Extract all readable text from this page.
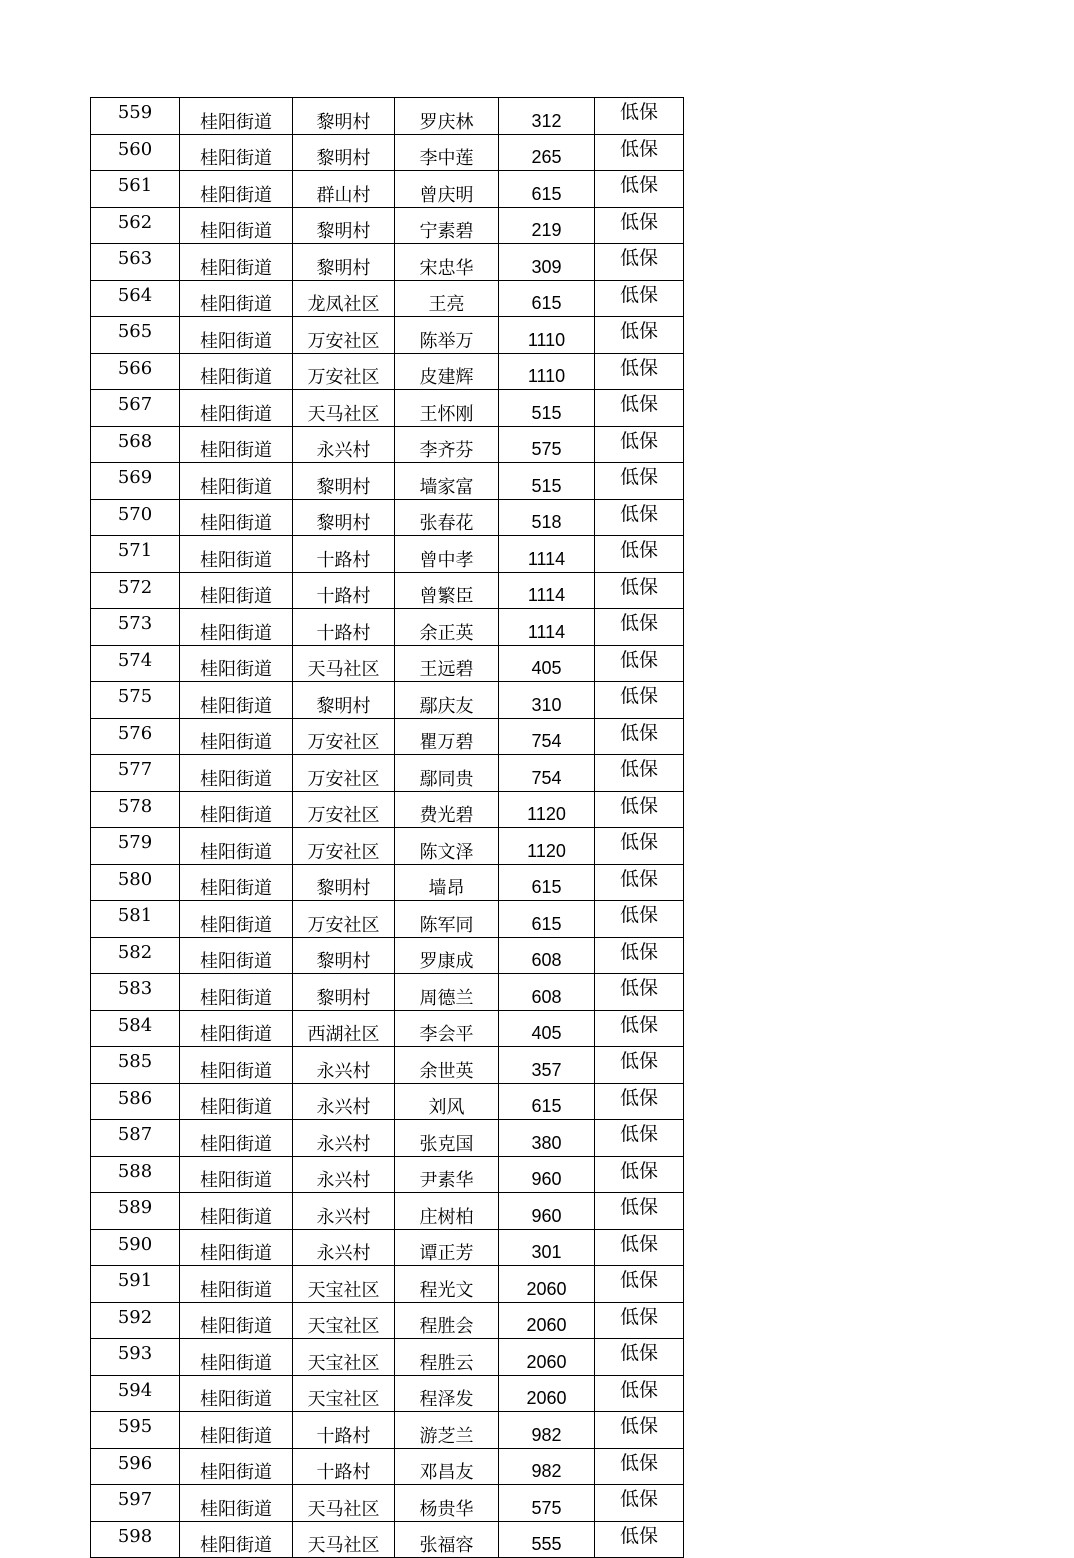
559	桂阳街道	黎明村	罗庆林	312	低保
560	桂阳街道	黎明村	李中莲	265	低保
561	桂阳街道	群山村	曾庆明	615	低保
562	桂阳街道	黎明村	宁素碧	219	低保
563	桂阳街道	黎明村	宋忠华	309	低保
564	桂阳街道	龙凤社区	王亮	615	低保
565	桂阳街道	万安社区	陈举万	1110	低保
566	桂阳街道	万安社区	皮建辉	1110	低保
567	桂阳街道	天马社区	王怀刚	515	低保
568	桂阳街道	永兴村	李齐芬	575	低保
569	桂阳街道	黎明村	墙家富	515	低保
570	桂阳街道	黎明村	张春花	518	低保
571	桂阳街道	十路村	曾中孝	1114	低保
572	桂阳街道	十路村	曾繁臣	1114	低保
573	桂阳街道	十路村	余正英	1114	低保
574	桂阳街道	天马社区	王远碧	405	低保
575	桂阳街道	黎明村	鄢庆友	310	低保
576	桂阳街道	万安社区	瞿万碧	754	低保
577	桂阳街道	万安社区	鄢同贵	754	低保
578	桂阳街道	万安社区	费光碧	1120	低保
579	桂阳街道	万安社区	陈文泽	1120	低保
580	桂阳街道	黎明村	墙昂	615	低保
581	桂阳街道	万安社区	陈军同	615	低保
582	桂阳街道	黎明村	罗康成	608	低保
583	桂阳街道	黎明村	周德兰	608	低保
584	桂阳街道	西湖社区	李会平	405	低保
585	桂阳街道	永兴村	余世英	357	低保
586	桂阳街道	永兴村	刘风	615	低保
587	桂阳街道	永兴村	张克国	380	低保
588	桂阳街道	永兴村	尹素华	960	低保
589	桂阳街道	永兴村	庄树柏	960	低保
590	桂阳街道	永兴村	谭正芳	301	低保
591	桂阳街道	天宝社区	程光文	2060	低保
592	桂阳街道	天宝社区	程胜会	2060	低保
593	桂阳街道	天宝社区	程胜云	2060	低保
594	桂阳街道	天宝社区	程泽发	2060	低保
595	桂阳街道	十路村	游芝兰	982	低保
596	桂阳街道	十路村	邓昌友	982	低保
597	桂阳街道	天马社区	杨贵华	575	低保
598	桂阳街道	天马社区	张福容	555	低保
